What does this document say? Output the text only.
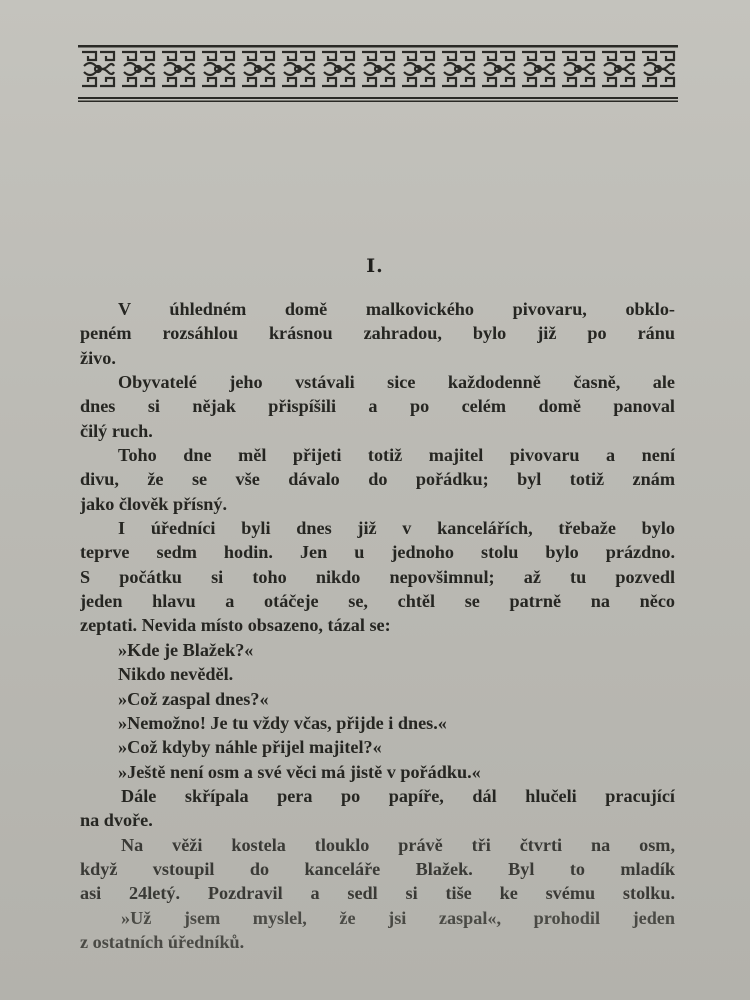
I.
V úhledném domě malkovického pivovaru, obklo-
peném rozsáhlou krásnou zahradou, bylo již po ránu
živo.
Obyvatelé jeho vstávali sice každodenně časně, ale
dnes si nějak přispíšili a po celém domě panoval
čilý ruch.
Toho dne měl přijeti totiž majitel pivovaru a není
divu, že se vše dávalo do pořádku; byl totiž znám
jako člověk přísný.
I úředníci byli dnes již v kancelářích, třebaže bylo
teprve sedm hodin. Jen u jednoho stolu bylo prázdno.
S počátku si toho nikdo nepovšimnul; až tu pozvedl
jeden hlavu a otáčeje se, chtěl se patrně na něco
zeptati. Nevida místo obsazeno, tázal se:
»Kde je Blažek?«
Nikdo nevěděl.
»Což zaspal dnes?«
»Nemožno! Je tu vždy včas, přijde i dnes.«
»Což kdyby náhle přijel majitel?«
»Ještě není osm a své věci má jistě v pořádku.«
Dále skřípala pera po papíře, dál hlučeli pracující
na dvoře.
Na věži kostela tlouklo právě tři čtvrti na osm,
když vstoupil do kanceláře Blažek. Byl to mladík
asi 24letý. Pozdravil a sedl si tiše ke svému stolku.
»Už jsem myslel, že jsi zaspal«, prohodil jeden
z ostatních úředníků.
